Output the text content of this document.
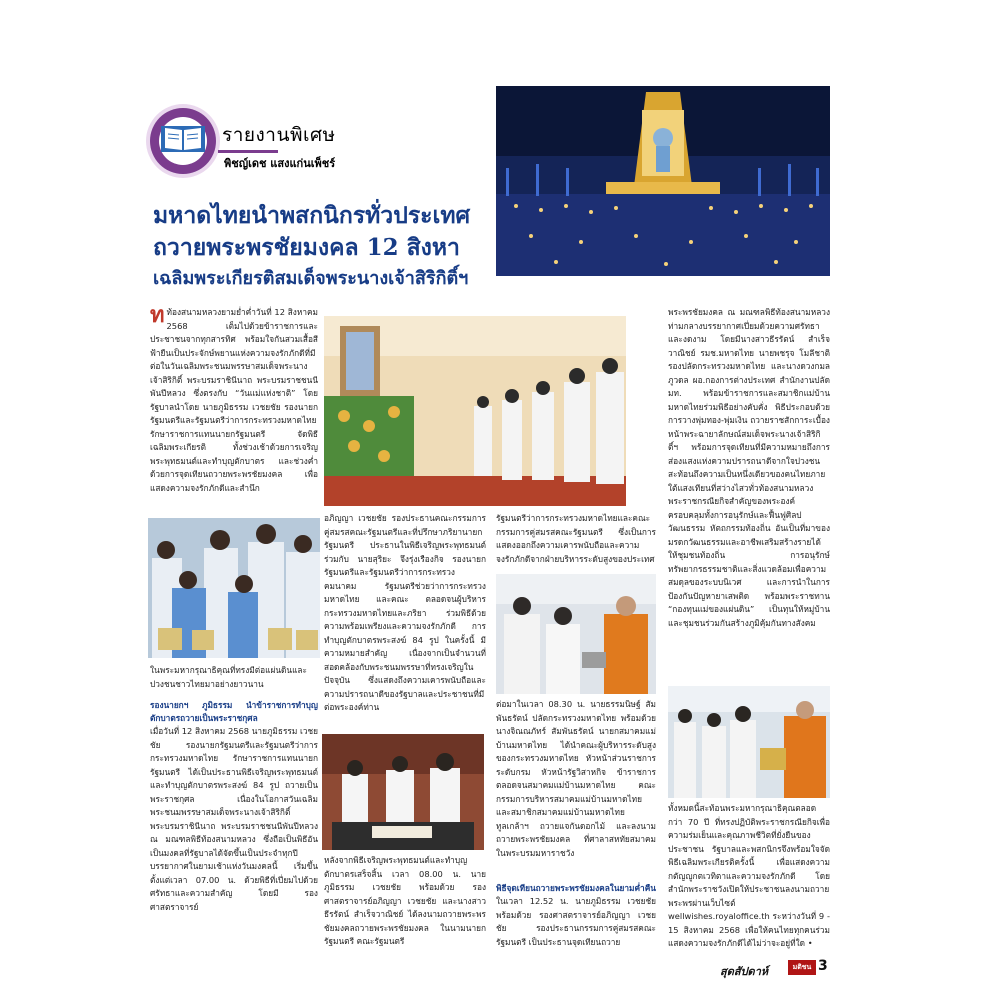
รายงานพิเศษ
พิชญ์เดช แสงแก่นเพ็ชร์
มหาดไทยนำพสกนิกรทั่วประเทศ
ถวายพระพรชัยมงคล 12 สิงหา
เฉลิมพระเกียรติสมเด็จพระนางเจ้าสิริกิติ์ฯ

ทท้องสนามหลวงยามย่ำค่ำวันที่ 12 สิงหาคม 2568 เต็มไปด้วยข้าราชการและประชาชนจากทุกสารทิศ พร้อมใจกันสวมเสื้อสีฟ้ายืนเป็นประจักษ์พยานแห่งความจงรักภักดีที่มีต่อในวันเฉลิมพระชนมพรรษาสมเด็จพระนางเจ้าสิริกิติ์ พระบรมราชินีนาถ พระบรมราชชนนีพันปีหลวง ซึ่งตรงกับ “วันแม่แห่งชาติ” โดยรัฐบาลนำโดย นายภูมิธรรม เวชยชัย รองนายกรัฐมนตรีและรัฐมนตรีว่าการกระทรวงมหาดไทย รักษาราชการแทนนายกรัฐมนตรี จัดพิธีเฉลิมพระเกียรติ ทั้งช่วงเช้าด้วยการเจริญพระพุทธมนต์และทำบุญตักบาตร และช่วงค่ำด้วยการจุดเทียนถวายพระพรชัยมงคล เพื่อแสดงความจงรักภักดีและสำนึก

ในพระมหากรุณาธิคุณที่ทรงมีต่อแผ่นดินและปวงชนชาวไทยมาอย่างยาวนาน

รองนายกฯ ภูมิธรรม นำข้าราชการทำบุญตักบาตรถวายเป็นพระราชกุศล

เมื่อวันที่ 12 สิงหาคม 2568 นายภูมิธรรม เวชยชัย รองนายกรัฐมนตรีและรัฐมนตรีว่าการกระทรวงมหาดไทย รักษาราชการแทนนายกรัฐมนตรี ได้เป็นประธานพิธีเจริญพระพุทธมนต์และทำบุญตักบาตรพระสงฆ์ 84 รูป ถวายเป็นพระราชกุศล เนื่องในโอกาสวันเฉลิมพระชนมพรรษาสมเด็จพระนางเจ้าสิริกิติ์ พระบรมราชินีนาถ พระบรมราชชนนีพันปีหลวง ณ มณฑลพิธีท้องสนามหลวง ซึ่งถือเป็นพิธีอันเป็นมงคลที่รัฐบาลได้จัดขึ้นเป็นประจำทุกปี บรรยากาศในยามเช้าแห่งวันมงคลนี้ เริ่มขึ้นตั้งแต่เวลา 07.00 น. ด้วยพิธีที่เปี่ยมไปด้วยศรัทธาและความสำคัญ โดยมี รองศาสตราจารย์

อภิญญา เวชยชัย รองประธานคณะกรรมการคู่สมรสคณะรัฐมนตรีและที่ปรึกษาภริยานายกรัฐมนตรี ประธานในพิธีเจริญพระพุทธมนต์ร่วมกับ นายสุริยะ จึงรุ่งเรืองกิจ รองนายกรัฐมนตรีและรัฐมนตรีว่าการกระทรวงคมนาคม รัฐมนตรีช่วยว่าการกระทรวงมหาดไทย และคณะ ตลอดจนผู้บริหารกระทรวงมหาดไทยและภริยา ร่วมพิธีด้วยความพร้อมเพรียงและความจงรักภักดี การทำบุญตักบาตรพระสงฆ์ 84 รูป ในครั้งนี้ มีความหมายสำคัญ เนื่องจากเป็นจำนวนที่สอดคล้องกับพระชนมพรรษาที่ทรงเจริญในปัจจุบัน ซึ่งแสดงถึงความเคารพนับถือและความปรารถนาดีของรัฐบาลและประชาชนที่มีต่อพระองค์ท่าน

หลังจากพิธีเจริญพระพุทธมนต์และทำบุญตักบาตรเสร็จสิ้น เวลา 08.00 น. นายภูมิธรรม เวชยชัย พร้อมด้วย รองศาสตราจารย์อภิญญา เวชยชัย และนางสาวธีรรัตน์ สำเร็จวาณิชย์ ได้ลงนามถวายพระพรชัยมงคลถวายพระพรชัยมงคล ในนามนายกรัฐมนตรี คณะรัฐมนตรี

รัฐมนตรีว่าการกระทรวงมหาดไทยและคณะกรรมการคู่สมรสคณะรัฐมนตรี ซึ่งเป็นการแสดงออกถึงความเคารพนับถือและความจงรักภักดีจากฝ่ายบริหารระดับสูงของประเทศ

ต่อมาในเวลา 08.30 น. นายธรรมนิษฐ์ สัมพันธรัตน์ ปลัดกระทรวงมหาดไทย พร้อมด้วยนางจิณณภัทร์ สัมพันธรัตน์ นายกสมาคมแม่บ้านมหาดไทย ได้นำคณะผู้บริหารระดับสูงของกระทรวงมหาดไทย หัวหน้าส่วนราชการระดับกรม หัวหน้ารัฐวิสาหกิจ ข้าราชการ ตลอดจนสมาคมแม่บ้านมหาดไทย คณะกรรมการบริหารสมาคมแม่บ้านมหาดไทย และสมาชิกสมาคมแม่บ้านมหาดไทย ทูลเกล้าฯ ถวายแจกันดอกไม้ และลงนามถวายพระพรชัยมงคล ที่ศาลาสหทัยสมาคม ในพระบรมมหาราชวัง

พิธีจุดเทียนถวายพระพรชัยมงคลในยามค่ำคืน

ในเวลา 12.52 น. นายภูมิธรรม เวชยชัย พร้อมด้วย รองศาสตราจารย์อภิญญา เวชยชัย รองประธานกรรมการคู่สมรสคณะรัฐมนตรี เป็นประธานจุดเทียนถวาย

พระพรชัยมงคล ณ มณฑลพิธีท้องสนามหลวง ท่ามกลางบรรยากาศเปี่ยมด้วยความศรัทธาและงดงาม โดยมีนางสาวธีรรัตน์ สำเร็จวาณิชย์ รมช.มหาดไทย นายพชรุจ โมลีชาติ รองปลัดกระทรวงมหาดไทย และนางดวงกมล ภูวดล ผอ.กองการต่างประเทศ สำนักงานปลัด มท. พร้อมข้าราชการและสมาชิกแม่บ้านมหาดไทยร่วมพิธีอย่างคับคั่ง พิธีประกอบด้วยการวางพุ่มทอง-พุ่มเงิน ถวายราชสักการะเบื้องหน้าพระฉายาลักษณ์สมเด็จพระนางเจ้าสิริกิติ์ฯ พร้อมการจุดเทียนที่มีความหมายถึงการส่องแสงแห่งความปรารถนาดีจากใจปวงชน สะท้อนถึงความเป็นหนึ่งเดียวของคนไทยภายใต้แสงเทียนที่สว่างไสวทั่วท้องสนามหลวง พระราชกรณียกิจสำคัญของพระองค์ ครอบคลุมทั้งการอนุรักษ์และฟื้นฟูศิลปวัฒนธรรม หัตถกรรมท้องถิ่น อันเป็นที่มาของมรดกวัฒนธรรมและอาชีพเสริมสร้างรายได้ให้ชุมชนท้องถิ่น การอนุรักษ์ทรัพยากรธรรมชาติและสิ่งแวดล้อมเพื่อความสมดุลของระบบนิเวศ และการนำในการป้องกันปัญหายาเสพติด พร้อมพระราชทาน “กองทุนแม่ของแผ่นดิน” เป็นทุนให้หมู่บ้านและชุมชนร่วมกันสร้างภูมิคุ้มกันทางสังคม

ทั้งหมดนี้สะท้อนพระมหากรุณาธิคุณตลอดกว่า 70 ปี ที่ทรงปฏิบัติพระราชกรณียกิจเพื่อความร่มเย็นและคุณภาพชีวิตที่ยั่งยืนของประชาชน รัฐบาลและพสกนิกรจึงพร้อมใจจัดพิธีเฉลิมพระเกียรติครั้งนี้ เพื่อแสดงความกตัญญูกตเวทิตาและความจงรักภักดี โดยสำนักพระราชวังเปิดให้ประชาชนลงนามถวายพระพรผ่านเว็บไซต์ wellwishes.royaloffice.th ระหว่างวันที่ 9 - 15 สิงหาคม 2568 เพื่อให้คนไทยทุกคนร่วมแสดงความจงรักภักดีได้ไม่ว่าจะอยู่ที่ใด •

สุดสัปดาห์	มติชน 3
